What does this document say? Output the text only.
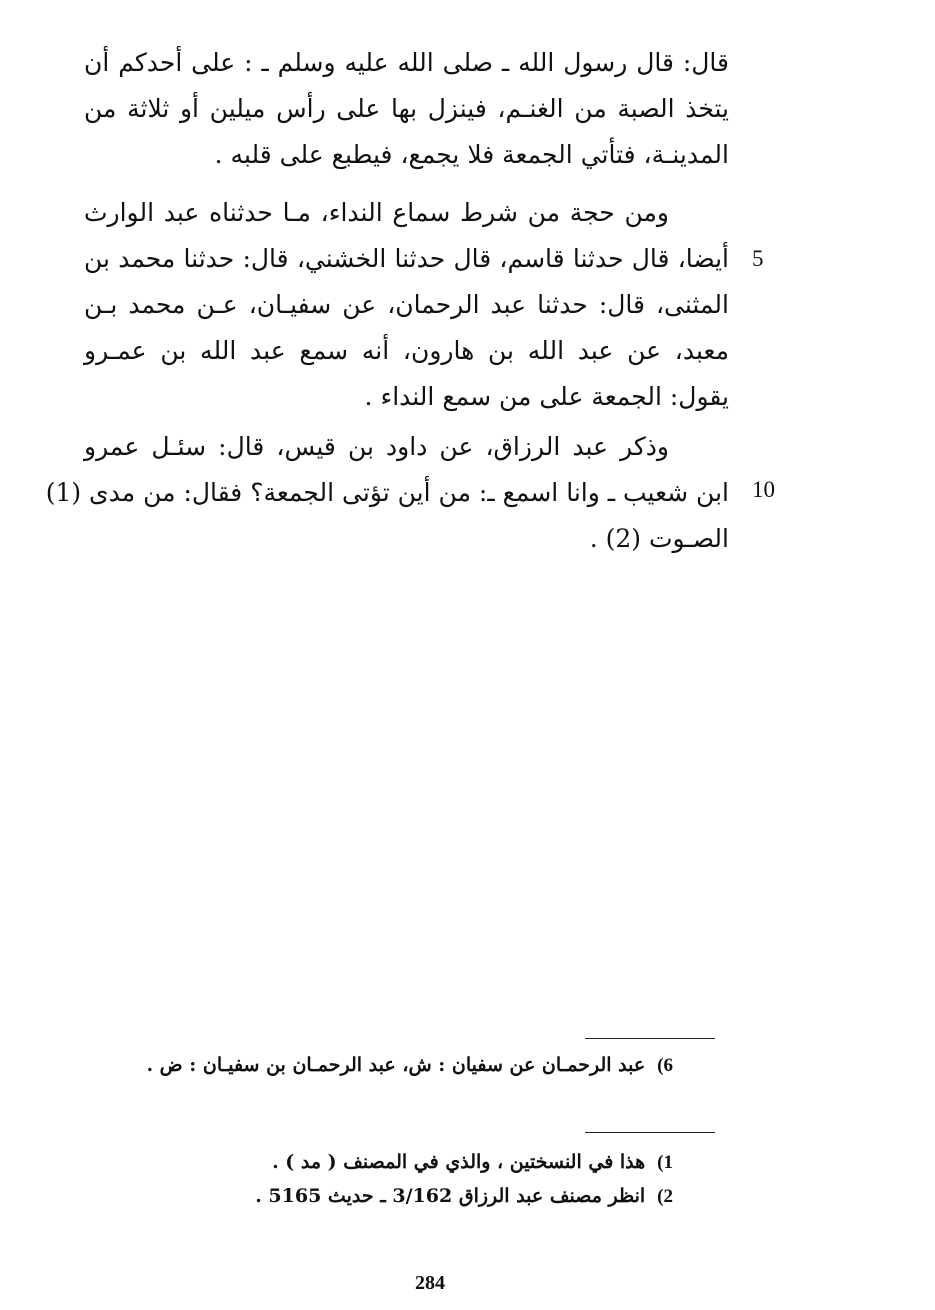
قال: قال رسول الله ـ صلى الله عليه وسلم ـ : على أحدكم أن
يتخذ الصبة من الغنـم، فينزل بها على رأس ميلين أو ثلاثة من
المدينـة، فتأتي الجمعة فلا يجمع، فيطبع على قلبه .
ومن حجة من شرط سماع النداء، مـا حدثناه عبد الوارث
أيضا، قال حدثنا قاسم، قال حدثنا الخشني، قال: حدثنا محمد بن
المثنى، قال: حدثنا عبد الرحمان، عن سفيـان، عـن محمد بـن
معبد، عن عبد الله بن هارون، أنه سمع عبد الله بن عمـرو
يقول: الجمعة على من سمع النداء .
وذكر عبد الرزاق، عن داود بن قيس، قال: سئـل عمرو
ابن شعيب ـ وانا اسمع ـ: من أين تؤتى الجمعة؟ فقال: من مدى (1)
الصـوت (2) .
5
10
6)عبد الرحمـان عن سفيان : ش، عبد الرحمـان بن سفيـان : ض .
1)هذا في النسختين ، والذي في المصنف ( مد ) .
2)انظر مصنف عبد الرزاق 3/162 ـ حديث 5165 .
284
